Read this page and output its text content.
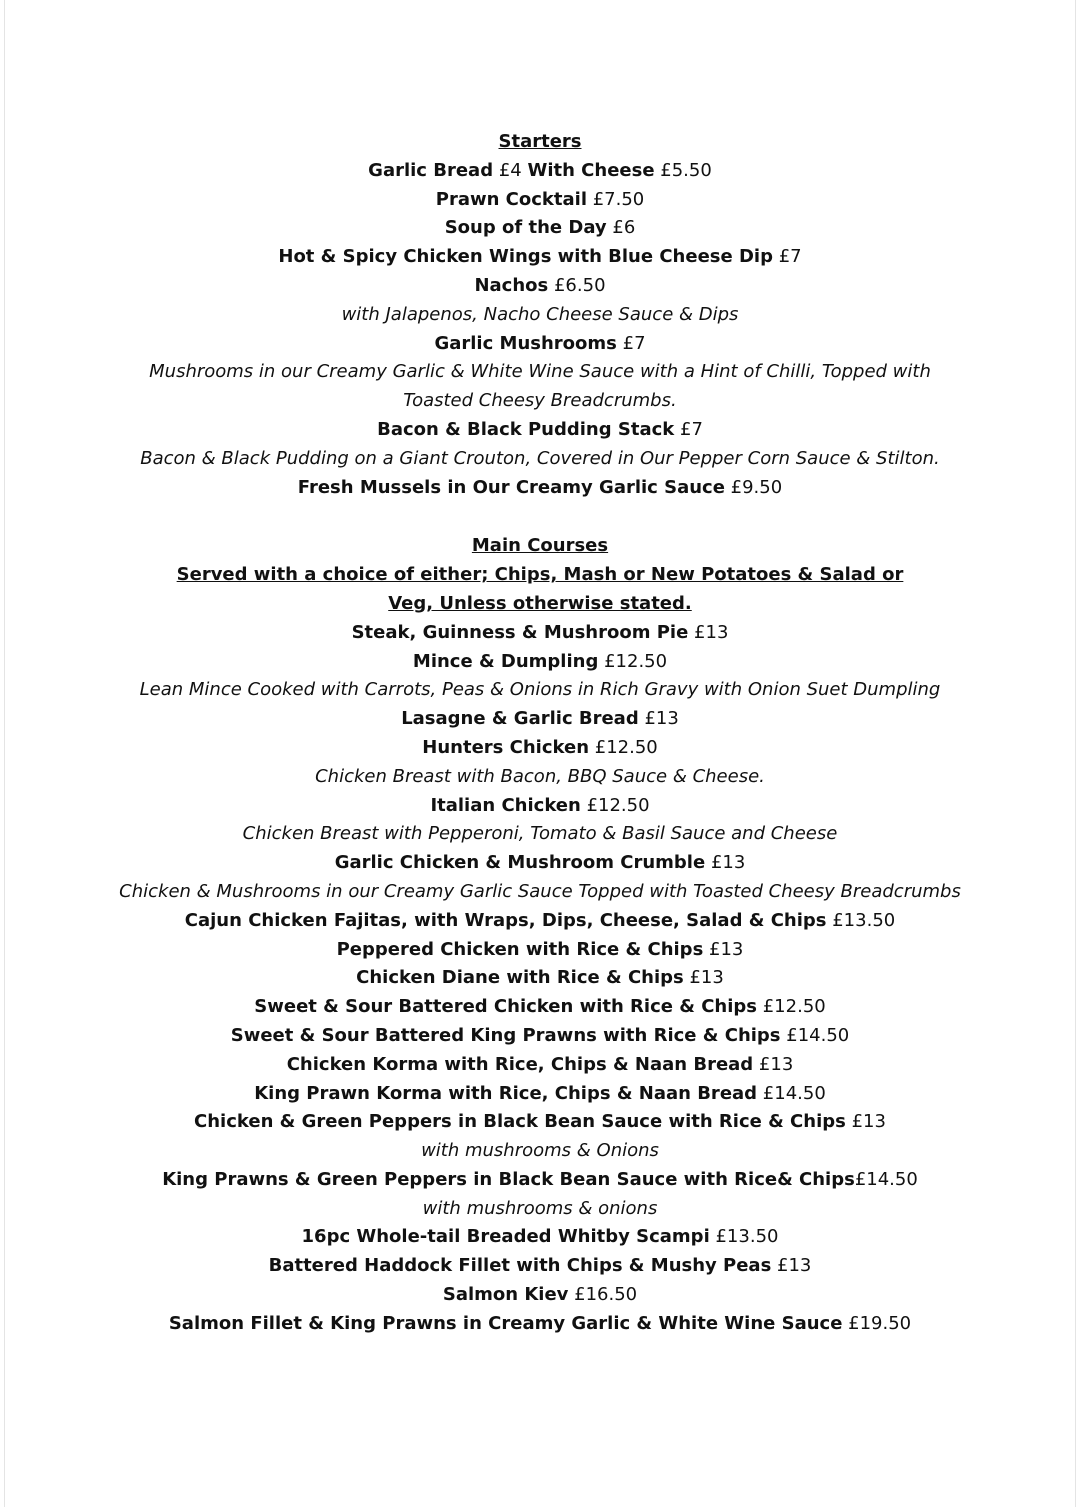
Starters
Garlic Bread £4 With Cheese £5.50
Prawn Cocktail £7.50
Soup of the Day £6
Hot & Spicy Chicken Wings with Blue Cheese Dip £7
Nachos £6.50
with Jalapenos, Nacho Cheese Sauce & Dips
Garlic Mushrooms £7
Mushrooms in our Creamy Garlic & White Wine Sauce with a Hint of Chilli, Topped with
Toasted Cheesy Breadcrumbs.
Bacon & Black Pudding Stack £7
Bacon & Black Pudding on a Giant Crouton, Covered in Our Pepper Corn Sauce & Stilton.
Fresh Mussels in Our Creamy Garlic Sauce £9.50
Main Courses
Served with a choice of either; Chips, Mash or New Potatoes & Salad or Veg, Unless otherwise stated.
Steak, Guinness & Mushroom Pie £13
Mince & Dumpling £12.50
Lean Mince Cooked with Carrots, Peas & Onions in Rich Gravy with Onion Suet Dumpling
Lasagne & Garlic Bread £13
Hunters Chicken £12.50
Chicken Breast with Bacon, BBQ Sauce & Cheese.
Italian Chicken £12.50
Chicken Breast with Pepperoni, Tomato & Basil Sauce and Cheese
Garlic Chicken & Mushroom Crumble £13
Chicken & Mushrooms in our Creamy Garlic Sauce Topped with Toasted Cheesy Breadcrumbs
Cajun Chicken Fajitas, with Wraps, Dips, Cheese, Salad & Chips £13.50
Peppered Chicken with Rice & Chips £13
Chicken Diane with Rice & Chips £13
Sweet & Sour Battered Chicken with Rice & Chips £12.50
Sweet & Sour Battered King Prawns with Rice & Chips £14.50
Chicken Korma with Rice, Chips & Naan Bread £13
King Prawn Korma with Rice, Chips & Naan Bread £14.50
Chicken & Green Peppers in Black Bean Sauce with Rice & Chips £13
with mushrooms & Onions
King Prawns & Green Peppers in Black Bean Sauce with Rice& Chips£14.50
with mushrooms & onions
16pc Whole-tail Breaded Whitby Scampi £13.50
Battered Haddock Fillet with Chips & Mushy Peas £13
Salmon Kiev £16.50
Salmon Fillet & King Prawns in Creamy Garlic & White Wine Sauce £19.50
